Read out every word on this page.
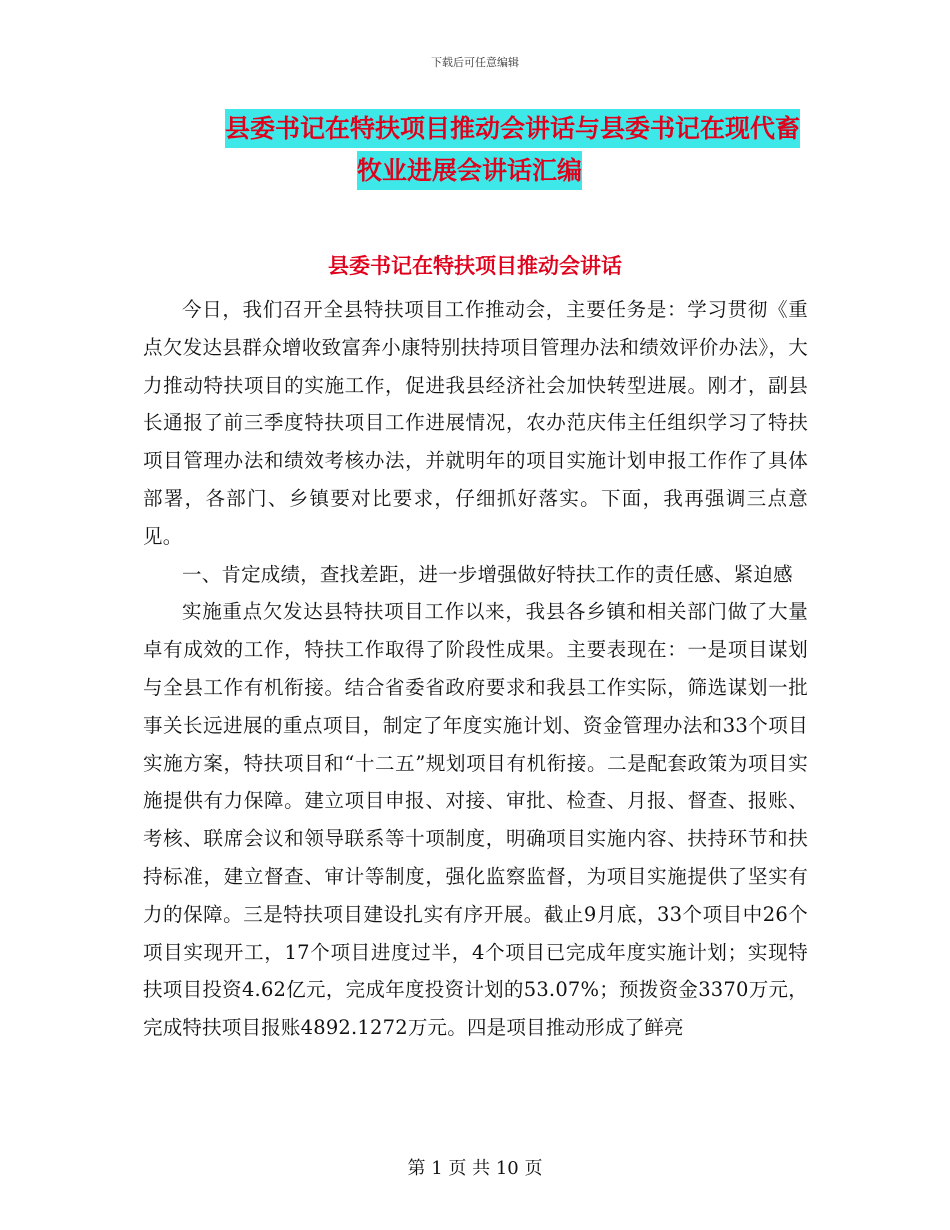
下载后可任意编辑
县委书记在特扶项目推动会讲话与县委书记在现代畜
牧业进展会讲话汇编
县委书记在特扶项目推动会讲话

今日，我们召开全县特扶项目工作推动会，主要任务是：学习贯彻《重点欠发达县群众增收致富奔小康特别扶持项目管理办法和绩效评价办法》，大力推动特扶项目的实施工作，促进我县经济社会加快转型进展。刚才，副县长通报了前三季度特扶项目工作进展情况，农办范庆伟主任组织学习了特扶项目管理办法和绩效考核办法，并就明年的项目实施计划申报工作作了具体部署，各部门、乡镇要对比要求，仔细抓好落实。下面，我再强调三点意见。

一、肯定成绩，查找差距，进一步增强做好特扶工作的责任感、紧迫感

实施重点欠发达县特扶项目工作以来，我县各乡镇和相关部门做了大量卓有成效的工作，特扶工作取得了阶段性成果。主要表现在：一是项目谋划与全县工作有机衔接。结合省委省政府要求和我县工作实际，筛选谋划一批事关长远进展的重点项目，制定了年度实施计划、资金管理办法和33个项目实施方案，特扶项目和“十二五”规划项目有机衔接。二是配套政策为项目实施提供有力保障。建立项目申报、对接、审批、检查、月报、督查、报账、考核、联席会议和领导联系等十项制度，明确项目实施内容、扶持环节和扶持标准，建立督查、审计等制度，强化监察监督，为项目实施提供了坚实有力的保障。三是特扶项目建设扎实有序开展。截止9月底，33个项目中26个项目实现开工，17个项目进度过半，4个项目已完成年度实施计划；实现特扶项目投资4.62亿元，完成年度投资计划的53.07%；预拨资金3370万元，完成特扶项目报账4892.1272万元。四是项目推动形成了鲜亮

第 1 页 共 10 页
